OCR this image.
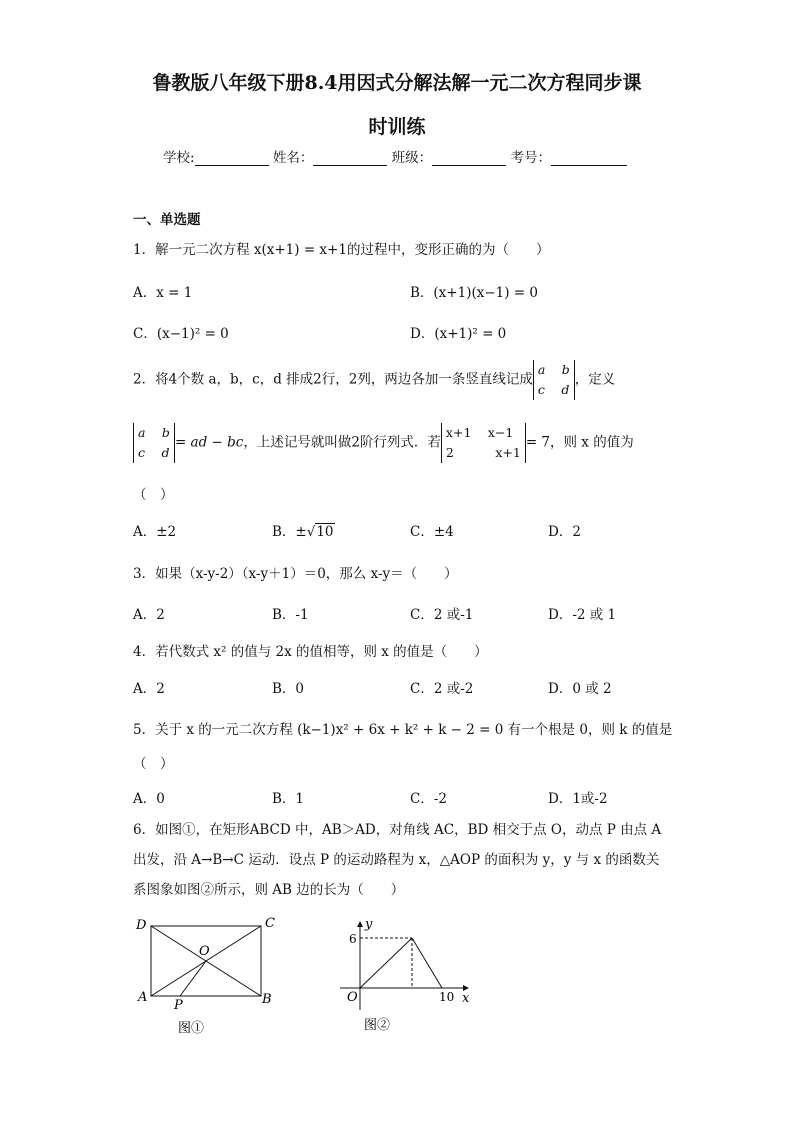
鲁教版八年级下册8.4用因式分解法解一元二次方程同步课
时训练
学校:	姓名：	班级：	考号：
一、单选题
1．解一元二次方程 x(x+1) = x+1的过程中，变形正确的为（　　）
A．x = 1	B．(x+1)(x−1) = 0
C．(x−1)² = 0	D．(x+1)² = 0
2．将4个数 a，b，c，d 排成2行，2列，两边各加一条竖直线记成
a　 b
c　 d
，定义
a　 b
c　 d
= ad − bc，上述记号就叫做2阶行列式．若
x+1　 x−1
2　　　 x+1
= 7，则 x 的值为
（　）
A．±2	B．±√10	C．±4	D．2
3．如果（x-y-2）（x-y＋1）＝0，那么 x-y＝（　　）
A．2	B．-1	C．2 或-1	D．-2 或 1
4．若代数式 x² 的值与 2x 的值相等，则 x 的值是（　　）
A．2	B．0	C．2 或-2	D．0 或 2
5．关于 x 的一元二次方程 (k−1)x² + 6x + k² + k − 2 = 0 有一个根是 0，则 k 的值是
（　）
A．0	B．1	C．-2	D．1或-2
6．如图①，在矩形ABCD 中，AB＞AD，对角线 AC，BD 相交于点 O，动点 P 由点 A
出发，沿 A→B→C 运动．设点 P 的运动路程为 x，△AOP 的面积为 y，y 与 x 的函数关
系图象如图②所示，则 AB 边的长为（　　）
D	C
O
A
P	B
图①
y
6
O	10 x
图②
